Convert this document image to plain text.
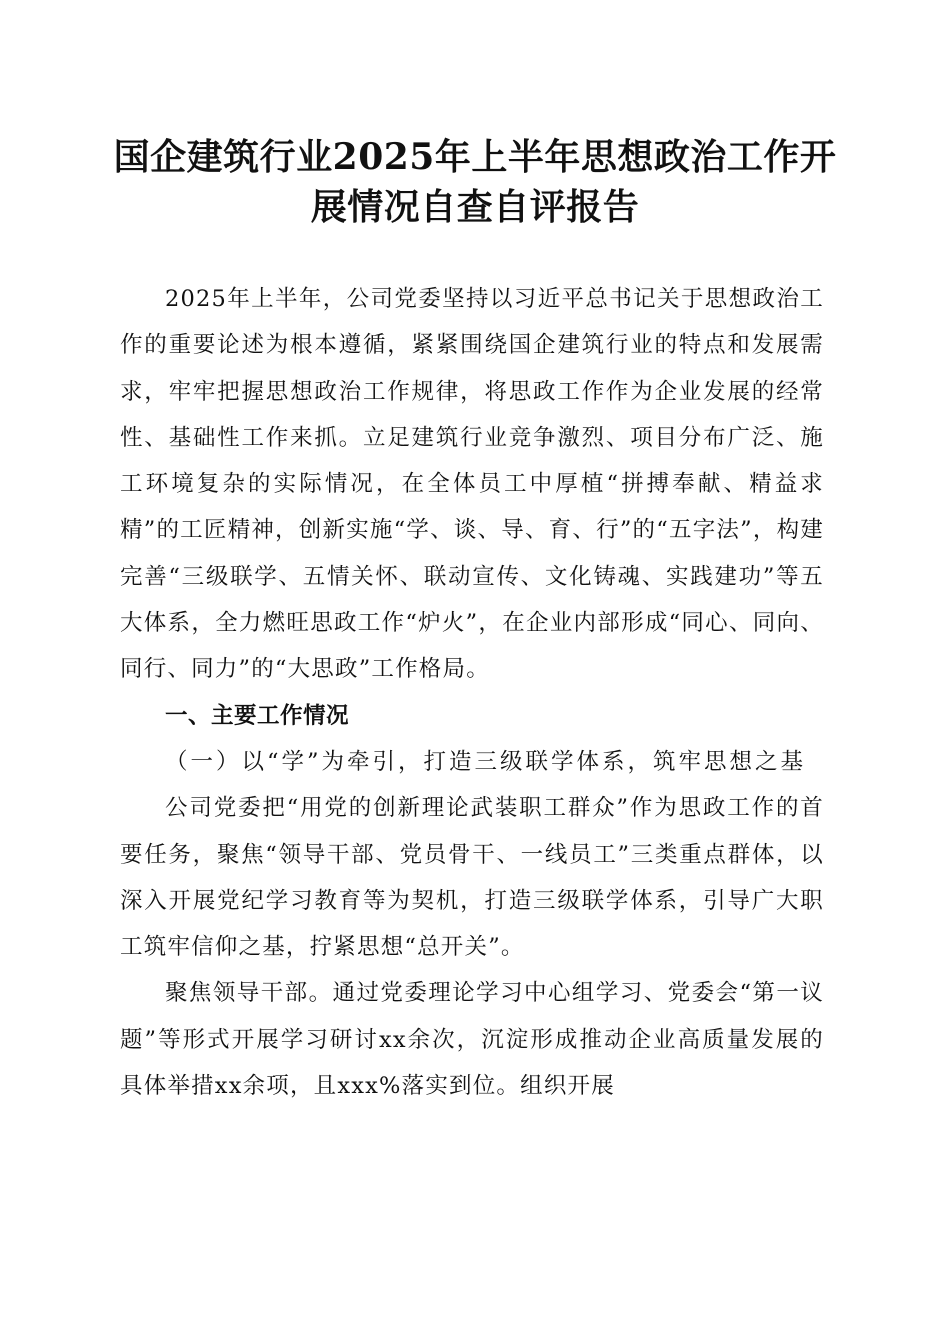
国企建筑行业2025年上半年思想政治工作开
展情况自查自评报告

2025年上半年，公司党委坚持以习近平总书记关于思想政治工作的重要论述为根本遵循，紧紧围绕国企建筑行业的特点和发展需求，牢牢把握思想政治工作规律，将思政工作作为企业发展的经常性、基础性工作来抓。立足建筑行业竞争激烈、项目分布广泛、施工环境复杂的实际情况，在全体员工中厚植“拼搏奉献、精益求精”的工匠精神，创新实施“学、谈、导、育、行”的“五字法”，构建完善“三级联学、五情关怀、联动宣传、文化铸魂、实践建功”等五大体系，全力燃旺思政工作“炉火”，在企业内部形成“同心、同向、同行、同力”的“大思政”工作格局。

一、主要工作情况

（一）以“学”为牵引，打造三级联学体系，筑牢思想之基

公司党委把“用党的创新理论武装职工群众”作为思政工作的首要任务，聚焦“领导干部、党员骨干、一线员工”三类重点群体，以深入开展党纪学习教育等为契机，打造三级联学体系，引导广大职工筑牢信仰之基，拧紧思想“总开关”。

聚焦领导干部。通过党委理论学习中心组学习、党委会“第一议题”等形式开展学习研讨xx余次，沉淀形成推动企业高质量发展的具体举措xx余项，且xxx%落实到位。组织开展
